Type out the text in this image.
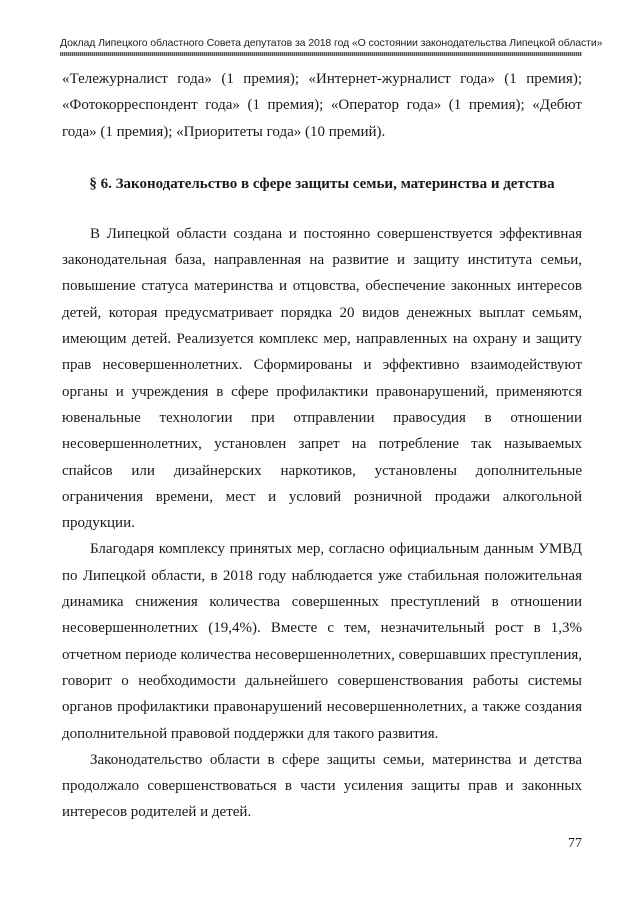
Доклад Липецкого областного Совета депутатов за 2018 год «О состоянии законодательства Липецкой области»

«Тележурналист года» (1 премия); «Интернет-журналист года» (1 премия); «Фотокорреспондент года» (1 премия); «Оператор года» (1 премия); «Дебют года» (1 премия); «Приоритеты года» (10 премий).

§ 6. Законодательство в сфере защиты семьи, материнства и детства

В Липецкой области создана и постоянно совершенствуется эффективная законодательная база, направленная на развитие и защиту института семьи, повышение статуса материнства и отцовства, обеспечение законных интересов детей, которая предусматривает порядка 20 видов денежных выплат семьям, имеющим детей. Реализуется комплекс мер, направленных на охрану и защиту прав несовершеннолетних. Сформированы и эффективно взаимодействуют органы и учреждения в сфере профилактики правонарушений, применяются ювенальные технологии при отправлении правосудия в отношении несовершеннолетних, установлен запрет на потребление так называемых спайсов или дизайнерских наркотиков, установлены дополнительные ограничения времени, мест и условий розничной продажи алкогольной продукции.

Благодаря комплексу принятых мер, согласно официальным данным УМВД по Липецкой области, в 2018 году наблюдается уже стабильная положительная динамика снижения количества совершенных преступлений в отношении несовершеннолетних (19,4%). Вместе с тем, незначительный рост в 1,3% отчетном периоде количества несовершеннолетних, совершавших преступления, говорит о необходимости дальнейшего совершенствования работы системы органов профилактики правонарушений несовершеннолетних, а также создания дополнительной правовой поддержки для такого развития.

Законодательство области в сфере защиты семьи, материнства и детства продолжало совершенствоваться в части усиления защиты прав и законных интересов родителей и детей.

77
